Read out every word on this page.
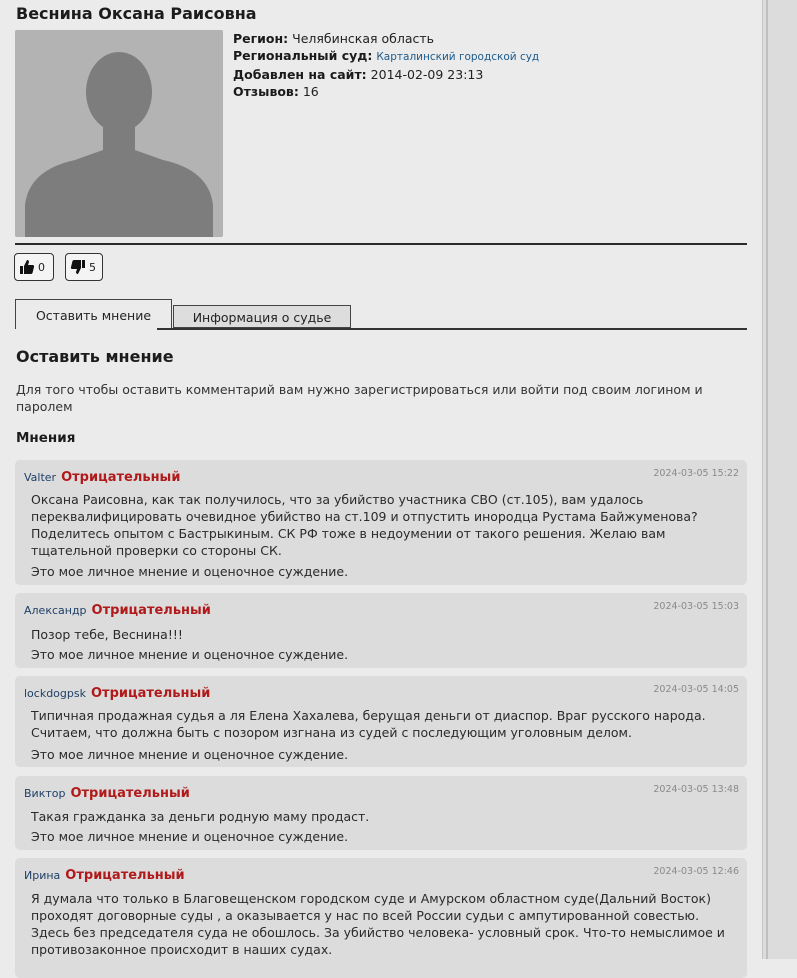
Веснина Оксана Раисовна
Регион: Челябинская область
Региональный суд: Карталинский городской суд
Добавлен на сайт: 2014-02-09 23:13
Отзывов: 16
0	5
Оставить мнение	Информация о судье
Оставить мнение
Для того чтобы оставить комментарий вам нужно зарегистрироваться или войти под своим логином и паролем
Мнения
Valter Отрицательный	2024-03-05 15:22
Оксана Раисовна, как так получилось, что за убийство участника СВО (ст.105), вам удалось переквалифицировать очевидное убийство на ст.109 и отпустить инородца Рустама Байжуменова? Поделитесь опытом с Бастрыкиным. СК РФ тоже в недоумении от такого решения. Желаю вам тщательной проверки со стороны СК.
Это мое личное мнение и оценочное суждение.
Александр Отрицательный	2024-03-05 15:03
Позор тебе, Веснина!!!
Это мое личное мнение и оценочное суждение.
lockdogpsk Отрицательный	2024-03-05 14:05
Типичная продажная судья а ля Елена Хахалева, берущая деньги от диаспор. Враг русского народа. Считаем, что должна быть с позором изгнана из судей с последующим уголовным делом.
Это мое личное мнение и оценочное суждение.
Виктор Отрицательный	2024-03-05 13:48
Такая гражданка за деньги родную маму продаст.
Это мое личное мнение и оценочное суждение.
Ирина Отрицательный	2024-03-05 12:46
Я думала что только в Благовещенском городском суде и Амурском областном суде(Дальний Восток) проходят договорные суды , а оказывается у нас по всей России судьи с ампутированной совестью. Здесь без председателя суда не обошлось. За убийство человека- условный срок. Что-то немыслимое и противозаконное происходит в наших судах.
